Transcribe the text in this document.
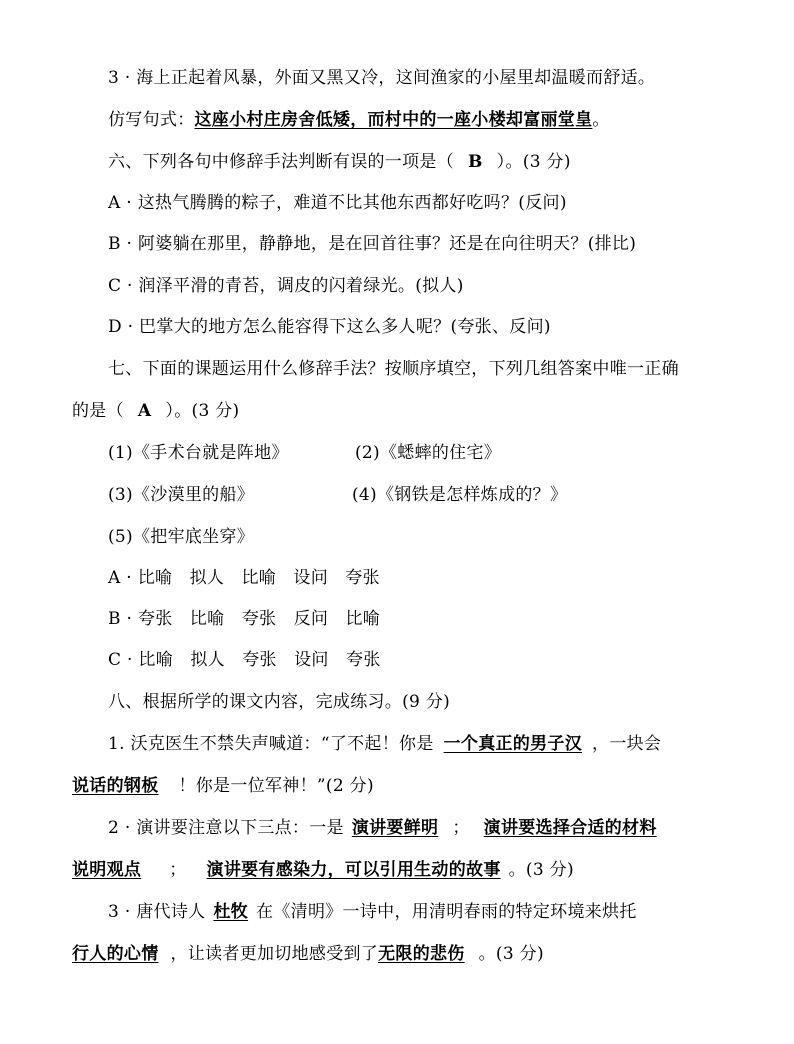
3 · 海上正起着风暴，外面又黑又冷，这间渔家的小屋里却温暖而舒适。
仿写句式：这座小村庄房舍低矮，而村中的一座小楼却富丽堂皇。
六、下列各句中修辞手法判断有误的一项是（ B ）。(3 分)
A · 这热气腾腾的粽子，难道不比其他东西都好吃吗？(反问)
B · 阿婆躺在那里，静静地，是在回首往事？还是在向往明天？(排比)
C · 润泽平滑的青苔，调皮的闪着绿光。(拟人)
D · 巴掌大的地方怎么能容得下这么多人呢？(夸张、反问)
七、下面的课题运用什么修辞手法？按顺序填空，下列几组答案中唯一正确
的是（ A ）。(3 分)
(1)《手术台就是阵地》	(2)《蟋蟀的住宅》
(3)《沙漠里的船》	(4)《钢铁是怎样炼成的？》
(5)《把牢底坐穿》
A · 比喻　拟人　比喻　设问　夸张
B · 夸张　比喻　夸张　反问　比喻
C · 比喻　拟人　夸张　设问　夸张
八、根据所学的课文内容，完成练习。(9 分)
1. 沃克医生不禁失声喊道：“了不起！你是 一个真正的男子汉 ，一块会
说话的钢板 ！你是一位军神！”(2 分)
2 · 演讲要注意以下三点：一是 演讲要鲜明 ； 演讲要选择合适的材料
说明观点 ； 演讲要有感染力，可以引用生动的故事 。(3 分)
3 · 唐代诗人 杜牧 在《清明》一诗中，用清明春雨的特定环境来烘托
行人的心情 ，让读者更加切地感受到了无限的悲伤 。(3 分)
